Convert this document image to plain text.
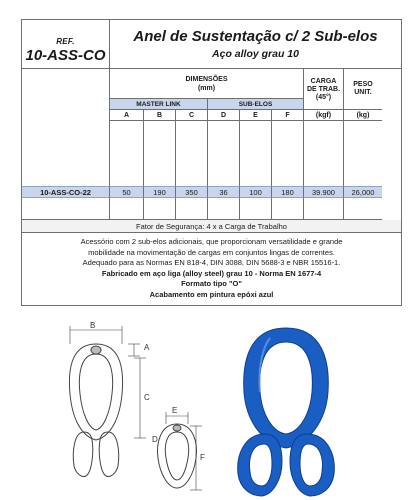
REF.
10-ASS-CO
Anel de Sustentação c/ 2 Sub-elos
Aço alloy grau 10
DIMENSÕES
(mm)
CARGA
DE TRAB.
(45°)
PESO
UNIT.
MASTER LINK	SUB-ELOS
A	B	C	D	E	F	(kgf)	(kg)
10-ASS-CO-22	50	190	350	36	100	180	39.900	26,000
Fator de Segurança: 4 x a Carga de Trabalho
Acessório com 2 sub-elos adicionais, que proporcionam versatilidade e grande
mobilidade na movimentação de cargas em conjuntos lingas de correntes.
Adequado para as Normas EN 818-4, DIN 3088, DIN 5688-3 e NBR 15516-1.
Fabricado em aço liga (alloy steel) grau 10 - Norma EN 1677-4
Formato tipo "O"
Acabamento em pintura epóxi azul
B
A
C
E
D
F
